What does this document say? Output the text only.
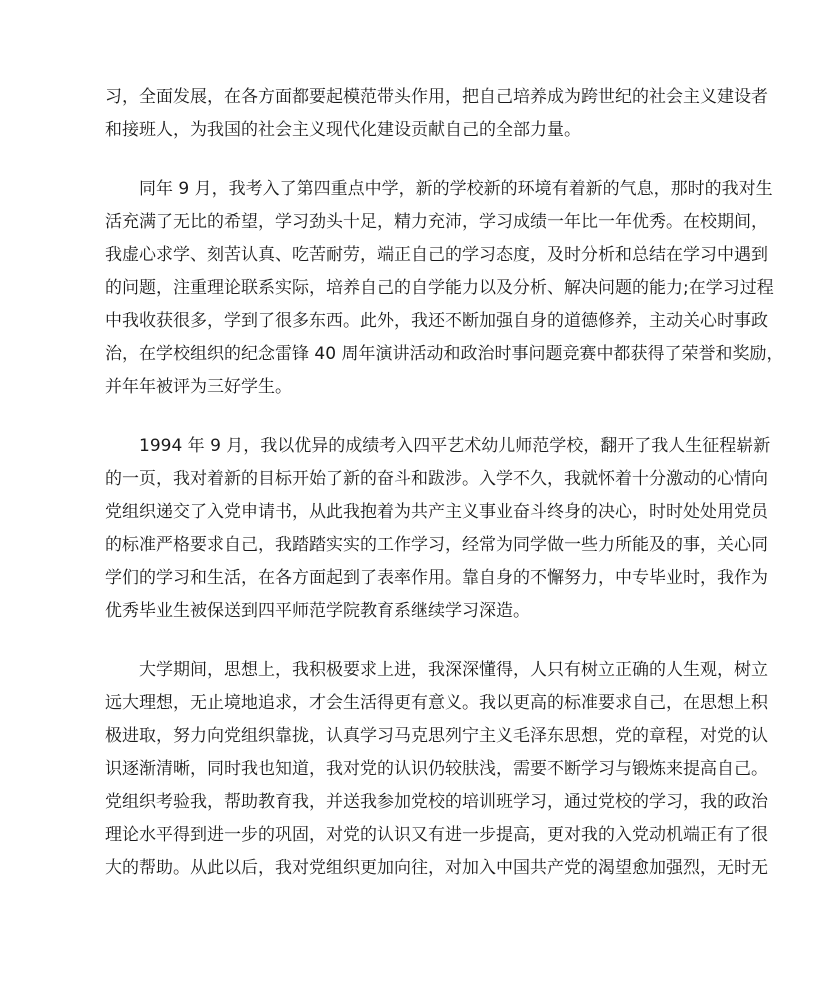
习，全面发展，在各方面都要起模范带头作用，把自己培养成为跨世纪的社会主义建设者
和接班人，为我国的社会主义现代化建设贡献自己的全部力量。
同年 9 月，我考入了第四重点中学，新的学校新的环境有着新的气息，那时的我对生
活充满了无比的希望，学习劲头十足，精力充沛，学习成绩一年比一年优秀。在校期间，
我虚心求学、刻苦认真、吃苦耐劳，端正自己的学习态度，及时分析和总结在学习中遇到
的问题，注重理论联系实际，培养自己的自学能力以及分析、解决问题的能力;在学习过程
中我收获很多，学到了很多东西。此外，我还不断加强自身的道德修养，主动关心时事政
治，在学校组织的纪念雷锋 40 周年演讲活动和政治时事问题竞赛中都获得了荣誉和奖励，
并年年被评为三好学生。
1994 年 9 月，我以优异的成绩考入四平艺术幼儿师范学校，翻开了我人生征程崭新
的一页，我对着新的目标开始了新的奋斗和跋涉。入学不久，我就怀着十分激动的心情向
党组织递交了入党申请书，从此我抱着为共产主义事业奋斗终身的决心，时时处处用党员
的标准严格要求自己，我踏踏实实的工作学习，经常为同学做一些力所能及的事，关心同
学们的学习和生活，在各方面起到了表率作用。靠自身的不懈努力，中专毕业时，我作为
优秀毕业生被保送到四平师范学院教育系继续学习深造。
大学期间，思想上，我积极要求上进，我深深懂得，人只有树立正确的人生观，树立
远大理想，无止境地追求，才会生活得更有意义。我以更高的标准要求自己，在思想上积
极进取，努力向党组织靠拢，认真学习马克思列宁主义毛泽东思想，党的章程，对党的认
识逐渐清晰，同时我也知道，我对党的认识仍较肤浅，需要不断学习与锻炼来提高自己。
党组织考验我，帮助教育我，并送我参加党校的培训班学习，通过党校的学习，我的政治
理论水平得到进一步的巩固，对党的认识又有进一步提高，更对我的入党动机端正有了很
大的帮助。从此以后，我对党组织更加向往，对加入中国共产党的渴望愈加强烈，无时无
